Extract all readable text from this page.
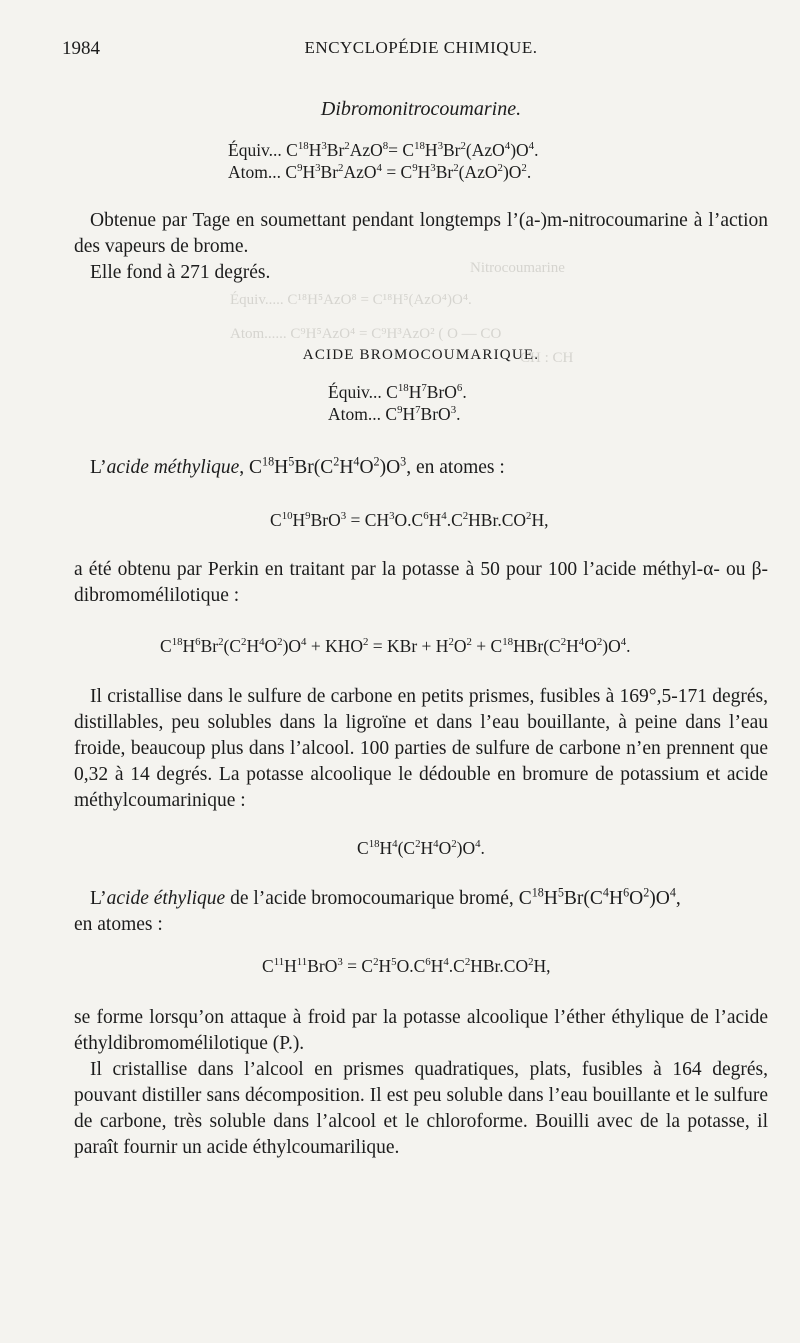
Nitrocoumarine
Équiv..... C¹⁸H⁵AzO⁸ = C¹⁸H⁵(AzO⁴)O⁴.
Atom...... C⁹H⁵AzO⁴ = C⁹H³AzO² ( O — CO
CH : CH
1984	ENCYCLOPÉDIE CHIMIQUE.
Dibromonitrocoumarine.
Équiv... $C^{18}H^3Br^2AzO^8= C^{18}H^3Br^2(AzO^4)O^4$.
Atom... $C^9H^3Br^2AzO^4 = C^9H^3Br^2(AzO^2)O^2$.
Obtenue par Tage en soumettant pendant longtemps l’(a-)m-nitrocoumarine à l’action des vapeurs de brome.
Elle fond à 271 degrés.
ACIDE BROMOCOUMARIQUE.
Équiv... $C^{18}H^7BrO^6$.
Atom... $C^9H^7BrO^3$.
L’acide méthylique, $C^{18}H^5Br(C^2H^4O^2)O^3$, en atomes :
$C^{10}H^9BrO^3 = CH^3O.C^6H^4.C^2HBr.CO^2H$,
a été obtenu par Perkin en traitant par la potasse à 50 pour 100 l’acide méthyl-α- ou β-dibromomélilotique :
$C^{18}H^6Br^2(C^2H^4O^2)O^4 + KHO^2$ = KBr + $H^2O^2 + C^{18}HBr(C^2H^4O^2)O^4$.
Il cristallise dans le sulfure de carbone en petits prismes, fusibles à 169°,5-171 degrés, distillables, peu solubles dans la ligroïne et dans l’eau bouillante, à peine dans l’eau froide, beaucoup plus dans l’alcool. 100 parties de sulfure de carbone n’en prennent que 0,32 à 14 degrés. La potasse alcoolique le dédouble en bromure de potassium et acide méthylcoumarinique :
$C^{18}H^4(C^2H^4O^2)O^4$.
L’acide éthylique de l’acide bromocoumarique bromé, $C^{18}H^5Br(C^4H^6O^2)O^4$,
en atomes :
$C^{11}H^{11}BrO^3 = C^2H^5O.C^6H^4.C^2HBr.CO^2H$,
se forme lorsqu’on attaque à froid par la potasse alcoolique l’éther éthylique de l’acide éthyldibromomélilotique (P.).
Il cristallise dans l’alcool en prismes quadratiques, plats, fusibles à 164 degrés, pouvant distiller sans décomposition. Il est peu soluble dans l’eau bouillante et le sulfure de carbone, très soluble dans l’alcool et le chloroforme. Bouilli avec de la potasse, il paraît fournir un acide éthylcoumarilique.
